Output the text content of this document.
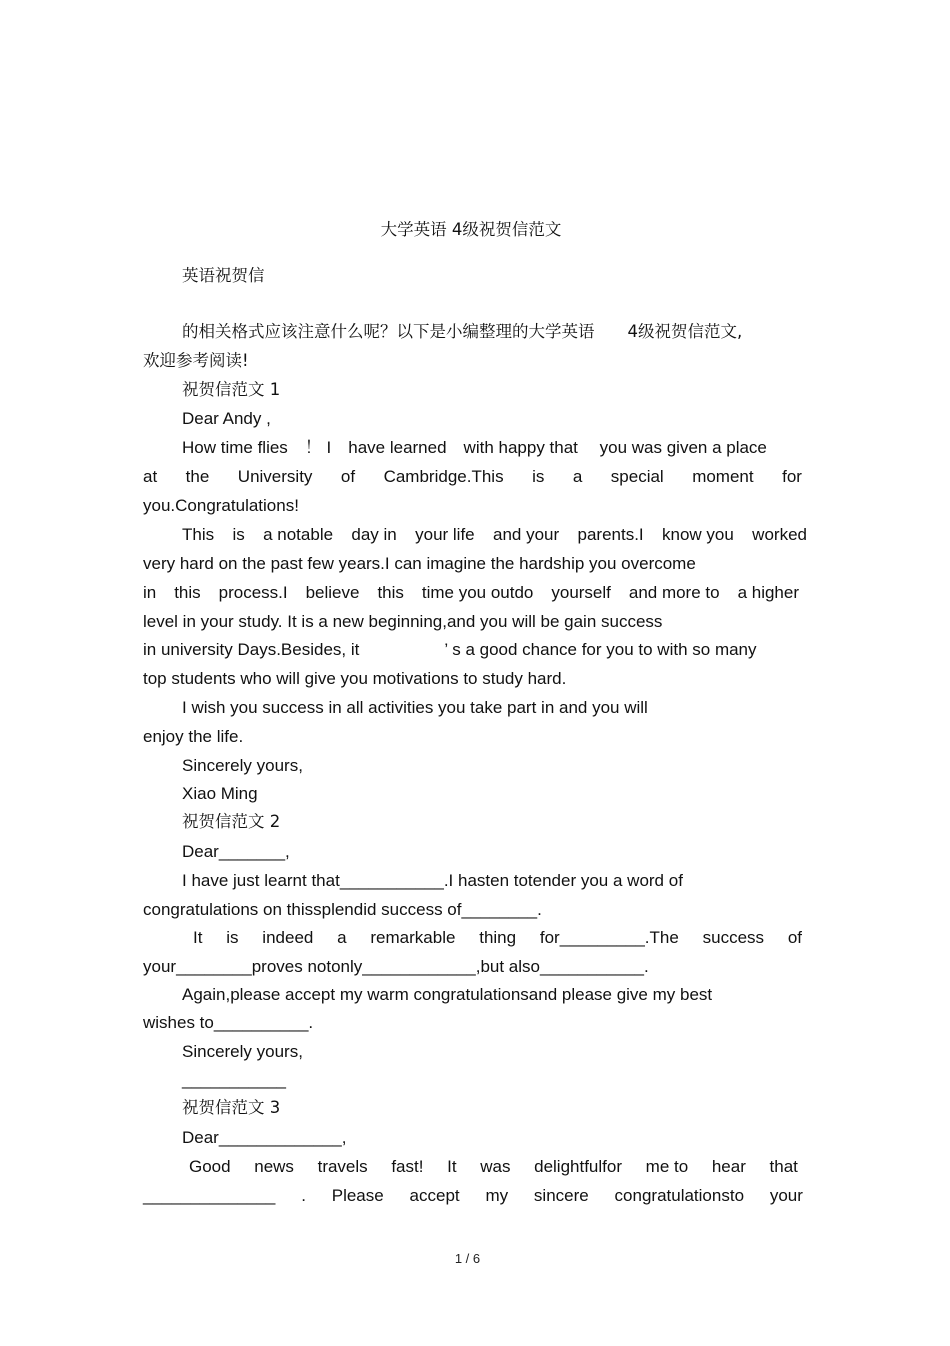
大学英语 4级祝贺信范文
英语祝贺信
的相关格式应该注意什么呢？以下是小编整理的大学英语　　4级祝贺信范文,
欢迎参考阅读!
祝贺信范文 1
Dear Andy ,
How time flies　！ I　have learned　with happy that　 you was given a place
at the University of Cambridge.This is a special moment for
you.Congratulations!
This is a notable day in your life and your parents.I know you worked
very hard on the past few years.I can imagine the hardship you overcome
in this process.I believe this time you outdo yourself and more to a higher
level in your study. It is a new beginning,and you will be gain success
in university Days.Besides, it　　　　　’ s a good chance for you to with so many
top students who will give you motivations to study hard.
I wish you success in all activities you take part in and you will
enjoy the life.
Sincerely yours,
Xiao Ming
祝贺信范文 2
Dear_______,
I have just learnt that___________.I hasten totender you a word of
congratulations on thissplendid success of________.
It is indeed a remarkable thing for_________.The success of
your________proves notonly____________,but also___________.
Again,please accept my warm congratulationsand please give my best
wishes to__________.
Sincerely yours,
___________
祝贺信范文 3
Dear_____________,
Good news travels fast! It was delightfulfor me to hear that
______________ . Please accept my sincere congratulationsto your
1 / 6
